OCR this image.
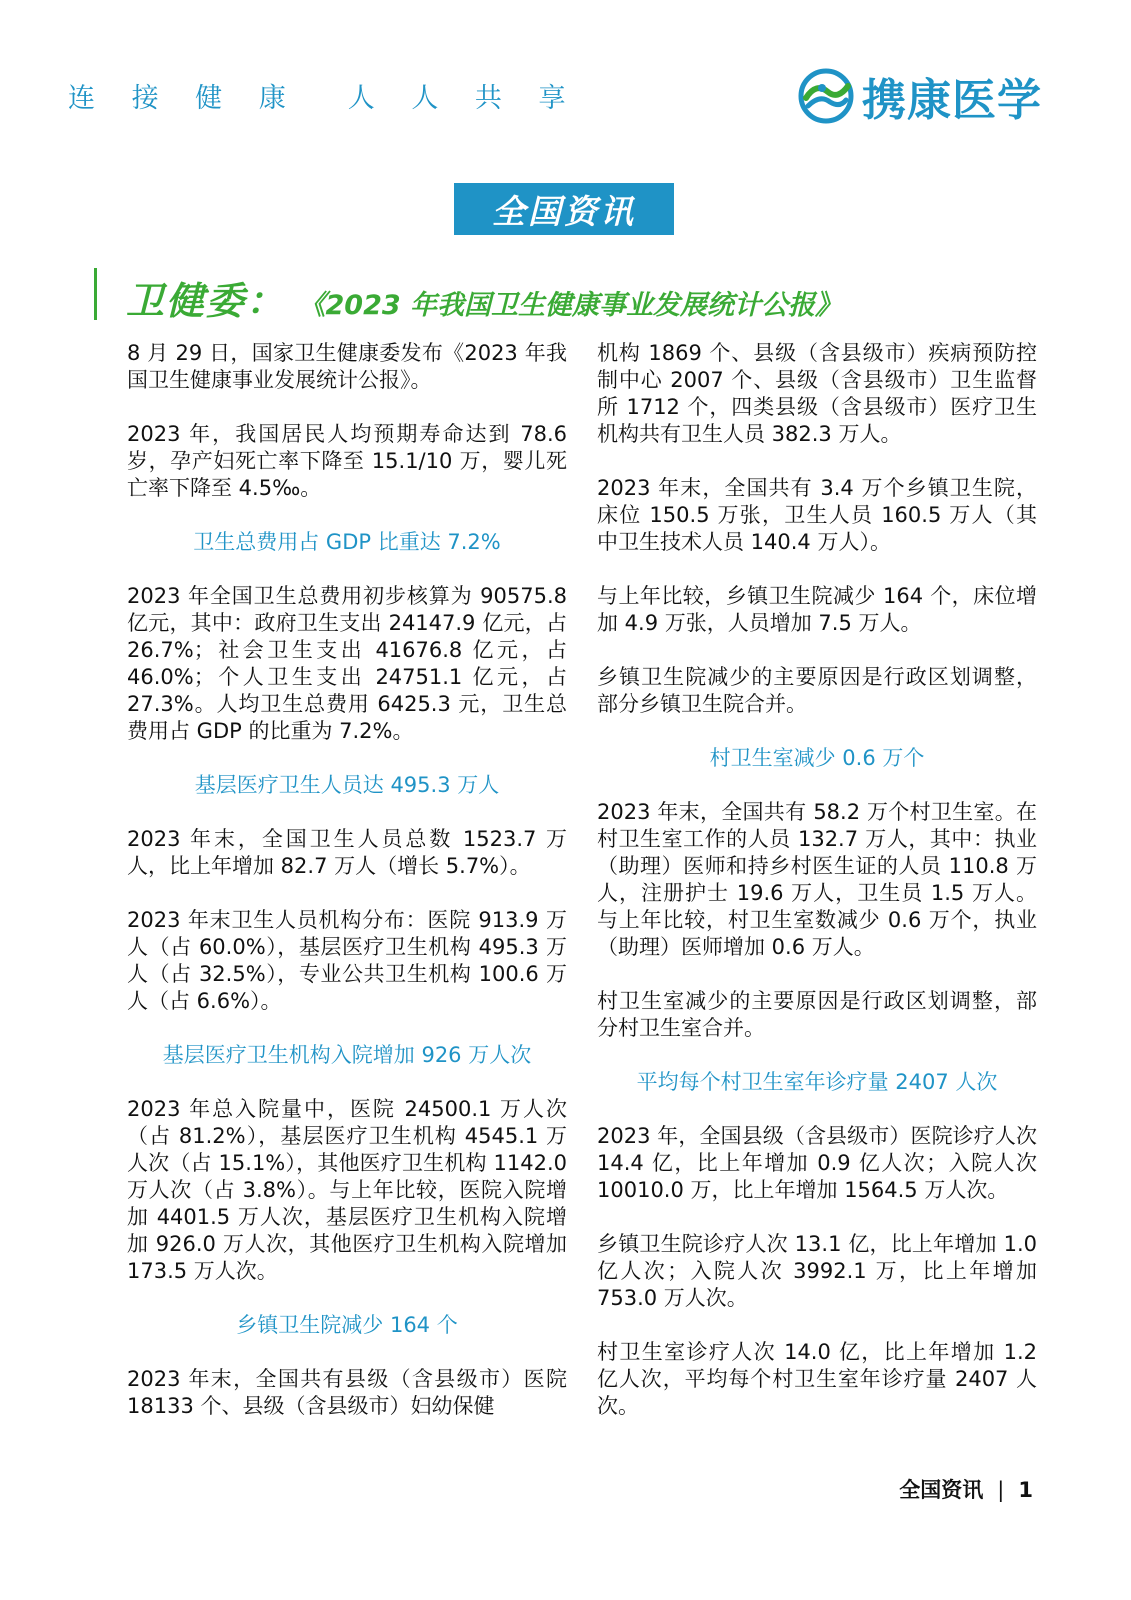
连 接 健 康 人 人 共 享	携康医学
全国资讯
卫健委： 《2023 年我国卫生健康事业发展统计公报》

8 月 29 日，国家卫生健康委发布《2023 年我国卫生健康事业发展统计公报》。

2023 年，我国居民人均预期寿命达到 78.6 岁，孕产妇死亡率下降至 15.1/10 万，婴儿死亡率下降至 4.5‰。

卫生总费用占 GDP 比重达 7.2%

2023 年全国卫生总费用初步核算为 90575.8 亿元，其中：政府卫生支出 24147.9 亿元，占 26.7%；社会卫生支出 41676.8 亿元，占 46.0%；个人卫生支出 24751.1 亿元，占 27.3%。人均卫生总费用 6425.3 元，卫生总费用占 GDP 的比重为 7.2%。

基层医疗卫生人员达 495.3 万人

2023 年末，全国卫生人员总数 1523.7 万人，比上年增加 82.7 万人（增长 5.7%）。

2023 年末卫生人员机构分布：医院 913.9 万人（占 60.0%），基层医疗卫生机构 495.3 万人（占 32.5%），专业公共卫生机构 100.6 万人（占 6.6%）。

基层医疗卫生机构入院增加 926 万人次

2023 年总入院量中，医院 24500.1 万人次（占 81.2%），基层医疗卫生机构 4545.1 万人次（占 15.1%），其他医疗卫生机构 1142.0 万人次（占 3.8%）。与上年比较，医院入院增加 4401.5 万人次，基层医疗卫生机构入院增加 926.0 万人次，其他医疗卫生机构入院增加 173.5 万人次。

乡镇卫生院减少 164 个

2023 年末，全国共有县级（含县级市）医院 18133 个、县级（含县级市）妇幼保健

机构 1869 个、县级（含县级市）疾病预防控制中心 2007 个、县级（含县级市）卫生监督所 1712 个，四类县级（含县级市）医疗卫生机构共有卫生人员 382.3 万人。

2023 年末，全国共有 3.4 万个乡镇卫生院，床位 150.5 万张，卫生人员 160.5 万人（其中卫生技术人员 140.4 万人）。

与上年比较，乡镇卫生院减少 164 个，床位增加 4.9 万张，人员增加 7.5 万人。

乡镇卫生院减少的主要原因是行政区划调整，部分乡镇卫生院合并。

村卫生室减少 0.6 万个

2023 年末，全国共有 58.2 万个村卫生室。在村卫生室工作的人员 132.7 万人，其中：执业（助理）医师和持乡村医生证的人员 110.8 万人，注册护士 19.6 万人，卫生员 1.5 万人。与上年比较，村卫生室数减少 0.6 万个，执业（助理）医师增加 0.6 万人。

村卫生室减少的主要原因是行政区划调整，部分村卫生室合并。

平均每个村卫生室年诊疗量 2407 人次

2023 年，全国县级（含县级市）医院诊疗人次 14.4 亿，比上年增加 0.9 亿人次；入院人次 10010.0 万，比上年增加 1564.5 万人次。

乡镇卫生院诊疗人次 13.1 亿，比上年增加 1.0 亿人次；入院人次 3992.1 万，比上年增加 753.0 万人次。

村卫生室诊疗人次 14.0 亿，比上年增加 1.2 亿人次，平均每个村卫生室年诊疗量 2407 人次。

全国资讯 | 1
